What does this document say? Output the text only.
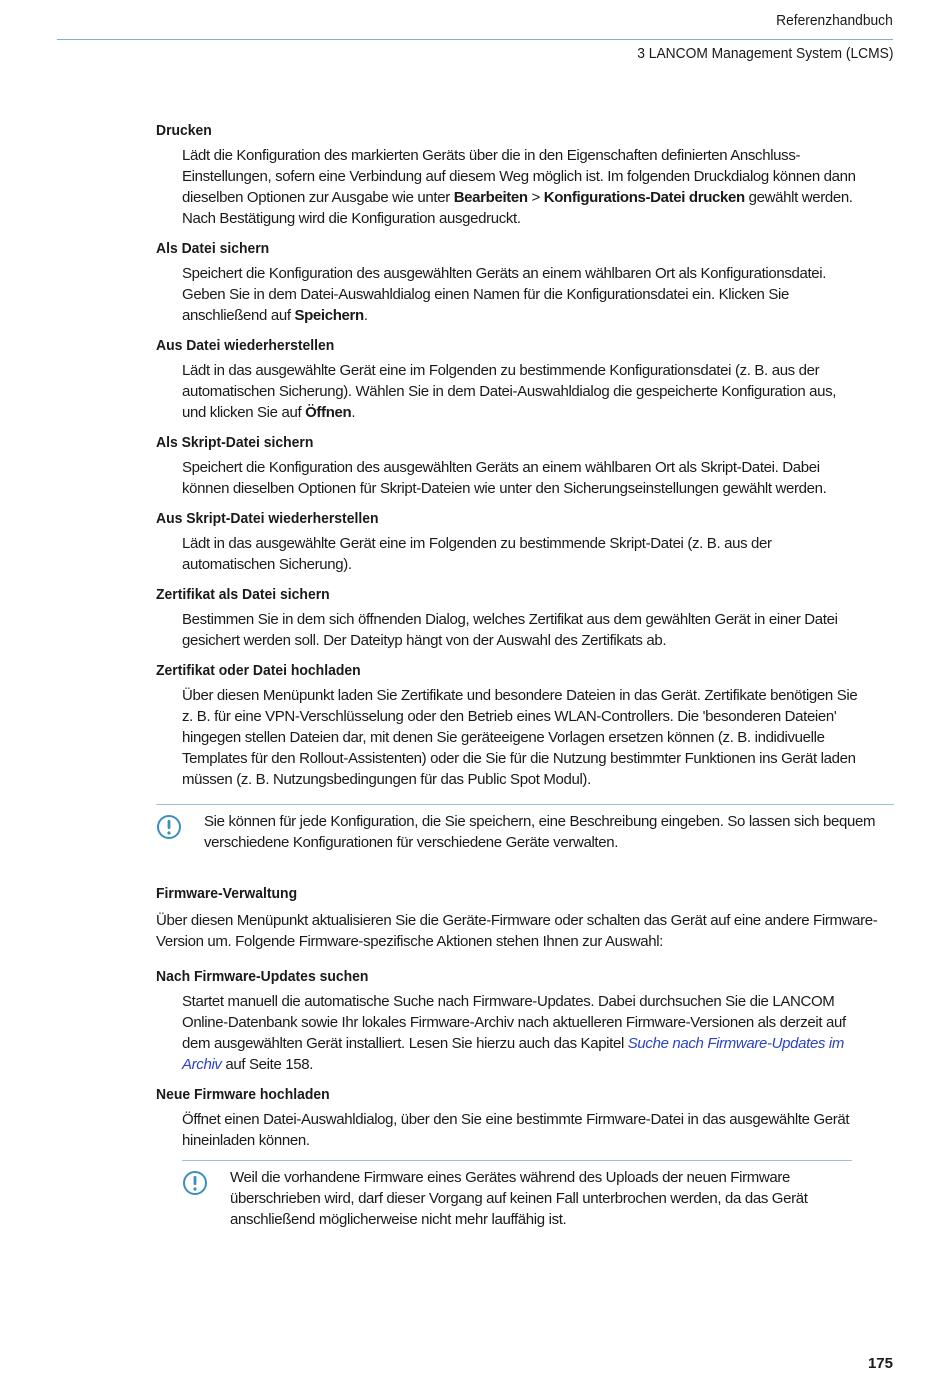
Referenzhandbuch
3 LANCOM Management System (LCMS)
Drucken
Lädt die Konfiguration des markierten Geräts über die in den Eigenschaften definierten Anschluss-Einstellungen, sofern eine Verbindung auf diesem Weg möglich ist. Im folgenden Druckdialog können dann dieselben Optionen zur Ausgabe wie unter Bearbeiten > Konfigurations-Datei drucken gewählt werden. Nach Bestätigung wird die Konfiguration ausgedruckt.
Als Datei sichern
Speichert die Konfiguration des ausgewählten Geräts an einem wählbaren Ort als Konfigurationsdatei. Geben Sie in dem Datei-Auswahldialog einen Namen für die Konfigurationsdatei ein. Klicken Sie anschließend auf Speichern.
Aus Datei wiederherstellen
Lädt in das ausgewählte Gerät eine im Folgenden zu bestimmende Konfigurationsdatei (z. B. aus der automatischen Sicherung). Wählen Sie in dem Datei-Auswahldialog die gespeicherte Konfiguration aus, und klicken Sie auf Öffnen.
Als Skript-Datei sichern
Speichert die Konfiguration des ausgewählten Geräts an einem wählbaren Ort als Skript-Datei. Dabei können dieselben Optionen für Skript-Dateien wie unter den Sicherungseinstellungen gewählt werden.
Aus Skript-Datei wiederherstellen
Lädt in das ausgewählte Gerät eine im Folgenden zu bestimmende Skript-Datei (z. B. aus der automatischen Sicherung).
Zertifikat als Datei sichern
Bestimmen Sie in dem sich öffnenden Dialog, welches Zertifikat aus dem gewählten Gerät in einer Datei gesichert werden soll. Der Dateityp hängt von der Auswahl des Zertifikats ab.
Zertifikat oder Datei hochladen
Über diesen Menüpunkt laden Sie Zertifikate und besondere Dateien in das Gerät. Zertifikate benötigen Sie z. B. für eine VPN-Verschlüsselung oder den Betrieb eines WLAN-Controllers. Die 'besonderen Dateien' hingegen stellen Dateien dar, mit denen Sie geräteeigene Vorlagen ersetzen können (z. B. indidivuelle Templates für den Rollout-Assistenten) oder die Sie für die Nutzung bestimmter Funktionen ins Gerät laden müssen (z. B. Nutzungsbedingungen für das Public Spot Modul).
Sie können für jede Konfiguration, die Sie speichern, eine Beschreibung eingeben. So lassen sich bequem verschiedene Konfigurationen für verschiedene Geräte verwalten.
Firmware-Verwaltung
Über diesen Menüpunkt aktualisieren Sie die Geräte-Firmware oder schalten das Gerät auf eine andere Firmware-Version um. Folgende Firmware-spezifische Aktionen stehen Ihnen zur Auswahl:
Nach Firmware-Updates suchen
Startet manuell die automatische Suche nach Firmware-Updates. Dabei durchsuchen Sie die LANCOM Online-Datenbank sowie Ihr lokales Firmware-Archiv nach aktuelleren Firmware-Versionen als derzeit auf dem ausgewählten Gerät installiert. Lesen Sie hierzu auch das Kapitel Suche nach Firmware-Updates im Archiv auf Seite 158.
Neue Firmware hochladen
Öffnet einen Datei-Auswahldialog, über den Sie eine bestimmte Firmware-Datei in das ausgewählte Gerät hineinladen können.
Weil die vorhandene Firmware eines Gerätes während des Uploads der neuen Firmware überschrieben wird, darf dieser Vorgang auf keinen Fall unterbrochen werden, da das Gerät anschließend möglicherweise nicht mehr lauffähig ist.
175
